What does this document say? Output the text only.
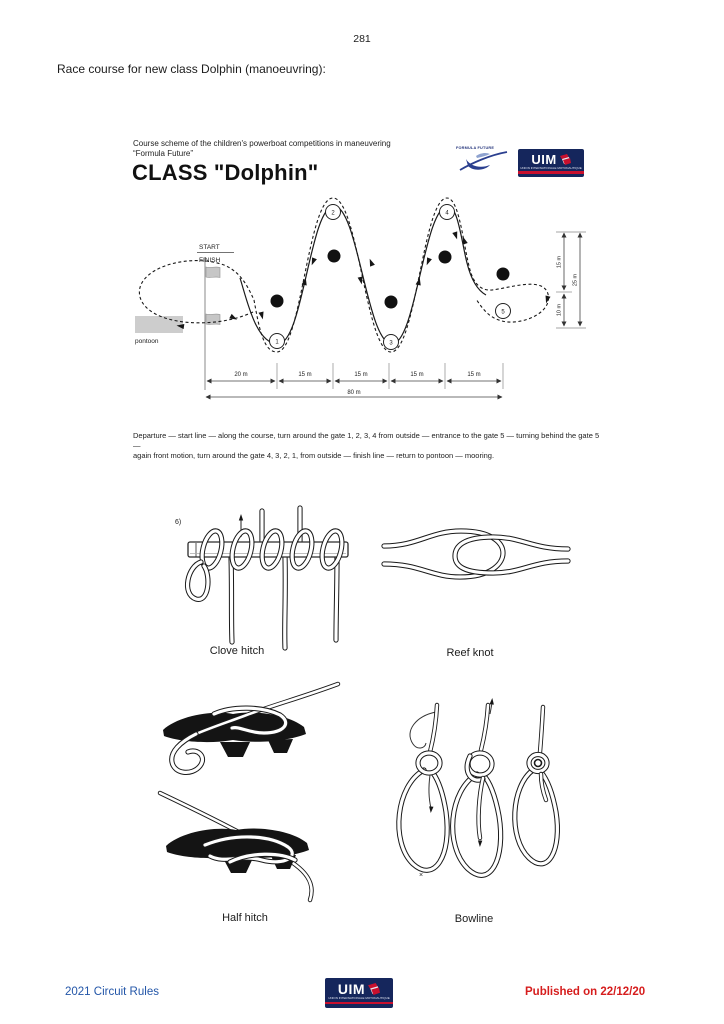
281
Race course for new class Dolphin (manoeuvring):
Course scheme of the children's powerboat competitions in maneuvering
“Formula Future”
CLASS "Dolphin"
FORMULA FUTURE
UIM
UNION INTERNATIONALE MOTONAUTIQUE
START
FINISH
pontoon	1
2
3
4
5
20 m	15 m	15 m	15 m	15 m
80 m
15 m
10 m
25 m
6)
×
Departure — start line — along the course, turn around the gate 1, 2, 3, 4 from outside — entrance to the gate 5 — turning behind the gate 5 —
again front motion, turn around the gate 4, 3, 2, 1, from outside — finish line — return to pontoon — mooring.
Clove hitch	Reef knot
Half hitch	Bowline
2021 Circuit Rules	UIM
UNION INTERNATIONALE MOTONAUTIQUE	Published on 22/12/20
